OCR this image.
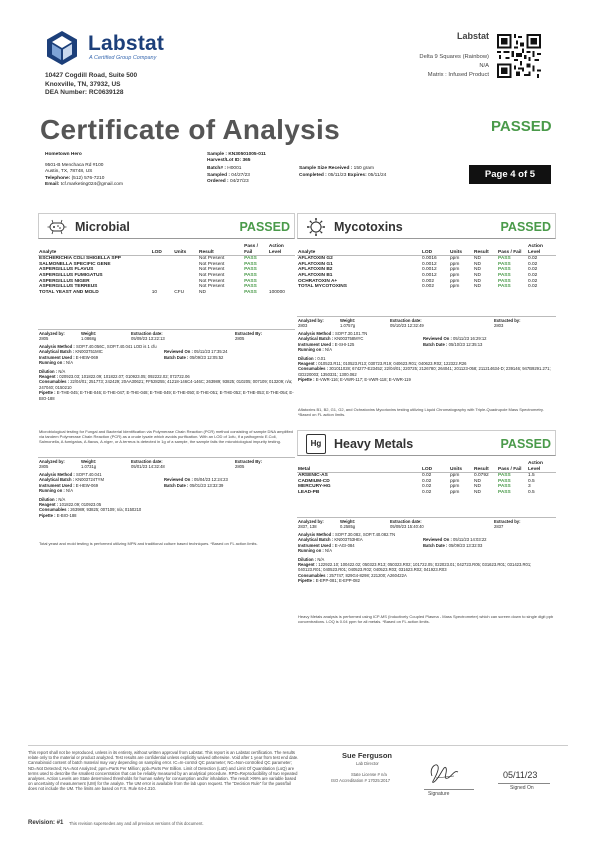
Labstat
A Certified Group Company
10427 Cogdill Road, Suite 500
Knoxville, TN, 37932, US
DEA Number: RC0639128
Labstat
Delta 9 Squares (Rainbow)
N/A
Matrix : Infused Product
Certificate of Analysis	PASSED
Hometown Hero
9501-B Menchaca Rd #100
Austin, TX, 78748, US
Telephone: (512) 576-7210
Email: tcf.marketing024@gmail.com
Sample : KN30501005-011
Harvest/Lot ID: 365
Batch# : H0001	Sample Size Received : 150 gram
Sampled : 04/27/23	Completed : 05/11/23 Expires: 05/11/24
Ordered : 04/27/23
Page 4 of 5
Microbial	PASSED
Analyte	LOD	Units	Result	Pass / Fail	Action Level
ESCHERICHIA COLI SHIGELLA SPP			Not Present	PASS	
SALMONELLA SPECIFIC GENE			Not Present	PASS	
ASPERGILLUS FLAVUS			Not Present	PASS	
ASPERGILLUS FUMIGATUS			Not Present	PASS	
ASPERGILLUS NIGER			Not Present	PASS	
ASPERGILLUS TERREUS			Not Present	PASS	
TOTAL YEAST AND MOLD	10	CFU	ND	PASS	100000
Analyzed by:
2805
Weight:
1.0868g
Extraction date:
05/09/23 13:22:13
Extracted By:
2805
Analysis Method : SOP.T.40.056C, SOP.T.40.041 LOD is 1 cfu
Analytical Batch : KN003751MIC	Reviewed On : 05/11/23 17:35:24
Instrument Used : E-HEW-069	Batch Date : 05/09/23 12:05:52
Running on : N/A
Dilution : N/A
Reagent : 020923.03; 101822.09; 101822.07; 010923.05; 092222.02; 072722.06
Consumables : 22/04/01; 251773; 242429; 20AA30621; FF528255; 41218-146C4-146C; 263989; 93825; 010205; 007109; 013209; n/a; 247040; 0150210
Pipette : E-THE-045; E-THE-046; E-THE-047; E-THE-048; E-THE-049; E-THE-050; E-THE-051; E-THE-052; E-THE-053; E-THE-054; E-BIO-188
Microbiological testing for Fungal and Bacterial Identification via Polymerase Chain Reaction (PCR) method consisting of sample DNA amplified via tandem Polymerase Chain Reaction (PCR) as a crude lysate which avoids purification. With an LOD of 1cfu, if a pathogenic E.Coli, Salmonella, A.fumigatus, A.flavus, A.niger, or A.terreus is detected in 1g of a sample, the sample fails the microbiological impurity testing.
Analyzed by:
2805
Weight:
1.0731g
Extraction date:
05/01/23 14:32:48
Extracted By:
2805
Analysis Method : SOP.T.40.041
Analytical Batch : KN003724TYM	Reviewed On : 05/04/23 12:24:23
Instrument Used : E-HEW-069	Batch Date : 05/01/23 13:32:39
Running on : N/A
Dilution : N/A
Reagent : 101822.09; 010923.05
Consumables : 263989; 93825; 007109; n/a; 0150210
Pipette : E-BIO-188
Total yeast and mold testing is performed utilizing MPN and traditional culture based techniques. *Based on FL action limits.
Mycotoxins	PASSED
Analyte	LOD	Units	Result	Pass / Fail	Action Level
AFLATOXIN G2	0.0016	ppm	ND	PASS	0.02
AFLATOXIN G1	0.0012	ppm	ND	PASS	0.02
AFLATOXIN B2	0.0012	ppm	ND	PASS	0.02
AFLATOXIN B1	0.0012	ppm	ND	PASS	0.02
OCHRATOXIN A+	0.002	ppm	ND	PASS	0.02
TOTAL MYCOTOXINS	0.002	ppm	ND	PASS	0.02
Analyzed by:
2803
Weight:
1.0757g
Extraction date:
05/10/23 12:32:49
Extracted by:
2803
Analysis Method : SOP.T.30.101.TN
Analytical Batch : KN003758MYC	Reviewed On : 05/11/23 16:29:12
Instrument Used : E-SHI-125	Batch Date : 05/10/23 12:35:13
Running on : N/A
Dilution : 0.01
Reagent : 010523.R11; 010523.R13; 030723.R19; 040623.R01; 040623.R02; 122322.R26
Consumables : 301011028; 674277-E23452; 22/04/01; 220725; 2126780; 264041; 201123-058; 211214634-D; 239146; 947B9291.271; GD220003; 1350331; 1300.062
Pipette : E-VWR-116; E-VWR-117; E-VWR-118; E-VWR-119
Aflatoxins B1, B2, G1, G2, and Ochratoxins Mycotoxins testing utilizing Liquid Chromatography with Triple-Quadrupole Mass Spectrometry. *Based on FL action limits.
Hg	Heavy Metals	PASSED
Metal	LOD	Units	Result	Pass / Fail	Action Level
ARSENIC-AS	0.02	ppm	0.0792	PASS	1.5
CADMIUM-CD	0.02	ppm	ND	PASS	0.5
MERCURY-HG	0.02	ppm	ND	PASS	3
LEAD-PB	0.02	ppm	ND	PASS	0.5
Analyzed by:
2837, 138
Weight:
0.2585g
Extraction date:
05/09/23 15:40:40
Extracted by:
2837
Analysis Method : SOP.T.30.082, SOP.T.40.082.TN
Analytical Batch : KN003753HEA	Reviewed On : 05/11/23 14:03:22
Instrument Used : E-AGI-084	Batch Date : 05/09/23 13:32:03
Running on : N/A
Dilution : N/A
Reagent : 122922.10; 100422.02; 050323.R13; 050323.R02; 101722.05; 022023.01; 042723.R05; 031623.R01; 031423.R01; 040123.R01; 040523.R01; 040523.R02; 040523.R03; 031623.R02; 041923.R03
Consumables : 257747; 829G4-8298; 221200; A260422A
Pipette : E-EPP-081; E-EPP-082
Heavy Metals analysis is performed using ICP-MS (Inductively Coupled Plasma - Mass Spectrometer) which can screen down to single digit ppb concentrations. LOQ is 0.04 ppm for all metals. *Based on FL action limits.
This report shall not be reproduced, unless in its entirety, without written approval from Labstat. This report is an Labstat certification. The results relate only to the material or product analyzed. Test results are confidential unless explicitly waived otherwise. Void after 1 year from test end date. Cannabinoid content of batch material may vary depending on sampling error. IC=In-control QC parameter; NC=Non-controlled QC parameter; ND=Not Detected; NA=Not Analyzed; ppm=Parts Per Million; ppb=Parts Per Billion. Limit of Detection (LoD) and Limit Of Quantitation (LoQ) are terms used to describe the smallest concentration that can be reliably measured by an analytical procedure. RPD=Reproducibility of two repeated analyses. Action Levels are State determined thresholds for human safety for consumption and/or inhalation. The result >99% are variable based on uncertainty of measurement (UM) for the analyte. The UM error is available from the lab upon request. The "Decision Rule" for the pass/fail does not include the UM. The limits are based on F.S. Rule 64-4.310.
Sue Ferguson
Lab Director
State License # n/a
ISO Accreditation # 17025:2017
Signature
05/11/23
Signed On
Revision: #1 This revision supersedes any and all previous versions of this document.
